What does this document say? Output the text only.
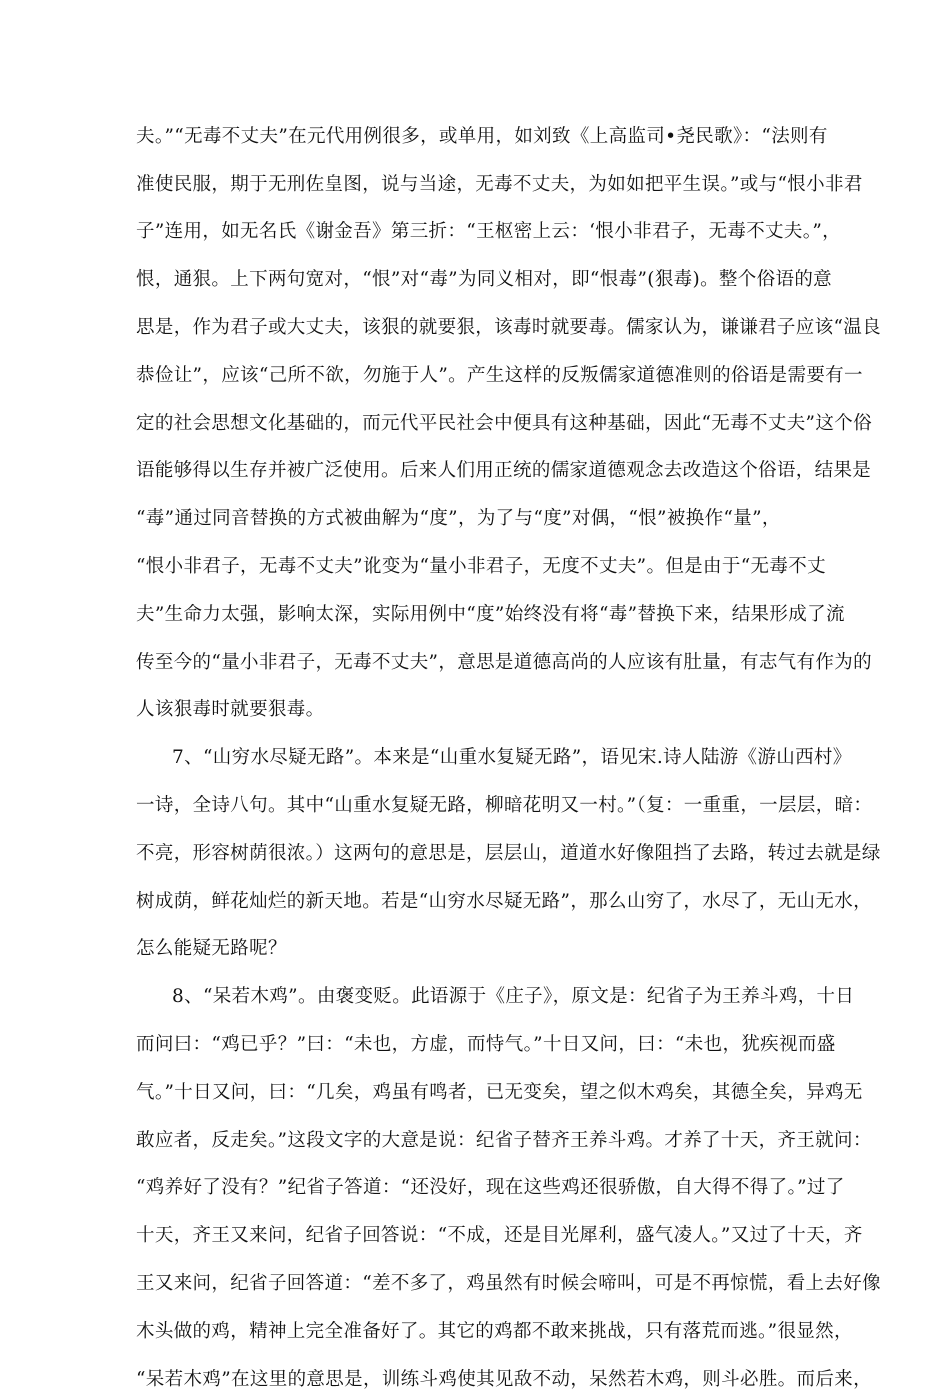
夫。”“无毒不丈夫”在元代用例很多，或单用，如刘致《上高监司•尧民歌》：“法则有
准使民服，期于无刑佐皇图，说与当途，无毒不丈夫，为如如把平生误。”或与“恨小非君
子”连用，如无名氏《谢金吾》第三折：“王枢密上云：‘恨小非君子，无毒不丈夫。”，
恨，通狠。上下两句宽对，“恨”对“毒”为同义相对，即“恨毒”(狠毒)。整个俗语的意
思是，作为君子或大丈夫，该狠的就要狠，该毒时就要毒。儒家认为，谦谦君子应该“温良
恭俭让”，应该“己所不欲，勿施于人”。产生这样的反叛儒家道德准则的俗语是需要有一
定的社会思想文化基础的，而元代平民社会中便具有这种基础，因此“无毒不丈夫”这个俗
语能够得以生存并被广泛使用。后来人们用正统的儒家道德观念去改造这个俗语，结果是
“毒”通过同音替换的方式被曲解为“度”，为了与“度”对偶，“恨”被换作“量”，
“恨小非君子，无毒不丈夫”讹变为“量小非君子，无度不丈夫”。但是由于“无毒不丈
夫”生命力太强，影响太深，实际用例中“度”始终没有将“毒”替换下来，结果形成了流
传至今的“量小非君子，无毒不丈夫”，意思是道德高尚的人应该有肚量，有志气有作为的
人该狠毒时就要狠毒。
7、“山穷水尽疑无路”。本来是“山重水复疑无路”，语见宋.诗人陆游《游山西村》
一诗，全诗八句。其中“山重水复疑无路，柳暗花明又一村。”（复：一重重，一层层，暗：
不亮，形容树荫很浓。）这两句的意思是，层层山，道道水好像阻挡了去路，转过去就是绿
树成荫，鲜花灿烂的新天地。若是“山穷水尽疑无路”，那么山穷了，水尽了，无山无水，
怎么能疑无路呢？
8、“呆若木鸡”。由褒变贬。此语源于《庄子》，原文是：纪省子为王养斗鸡，十日
而问曰：“鸡已乎？”曰：“未也，方虚，而恃气。”十日又问，曰：“未也，犹疾视而盛
气。”十日又问，曰：“几矣，鸡虽有鸣者，已无变矣，望之似木鸡矣，其德全矣，异鸡无
敢应者，反走矣。”这段文字的大意是说：纪省子替齐王养斗鸡。才养了十天，齐王就问：
“鸡养好了没有？”纪省子答道：“还没好，现在这些鸡还很骄傲，自大得不得了。”过了
十天，齐王又来问，纪省子回答说：“不成，还是目光犀利，盛气凌人。”又过了十天，齐
王又来问，纪省子回答道：“差不多了，鸡虽然有时候会啼叫，可是不再惊慌，看上去好像
木头做的鸡，精神上完全准备好了。其它的鸡都不敢来挑战，只有落荒而逃。”很显然，
“呆若木鸡”在这里的意思是，训练斗鸡使其见敌不动，呆然若木鸡，则斗必胜。而后来，
